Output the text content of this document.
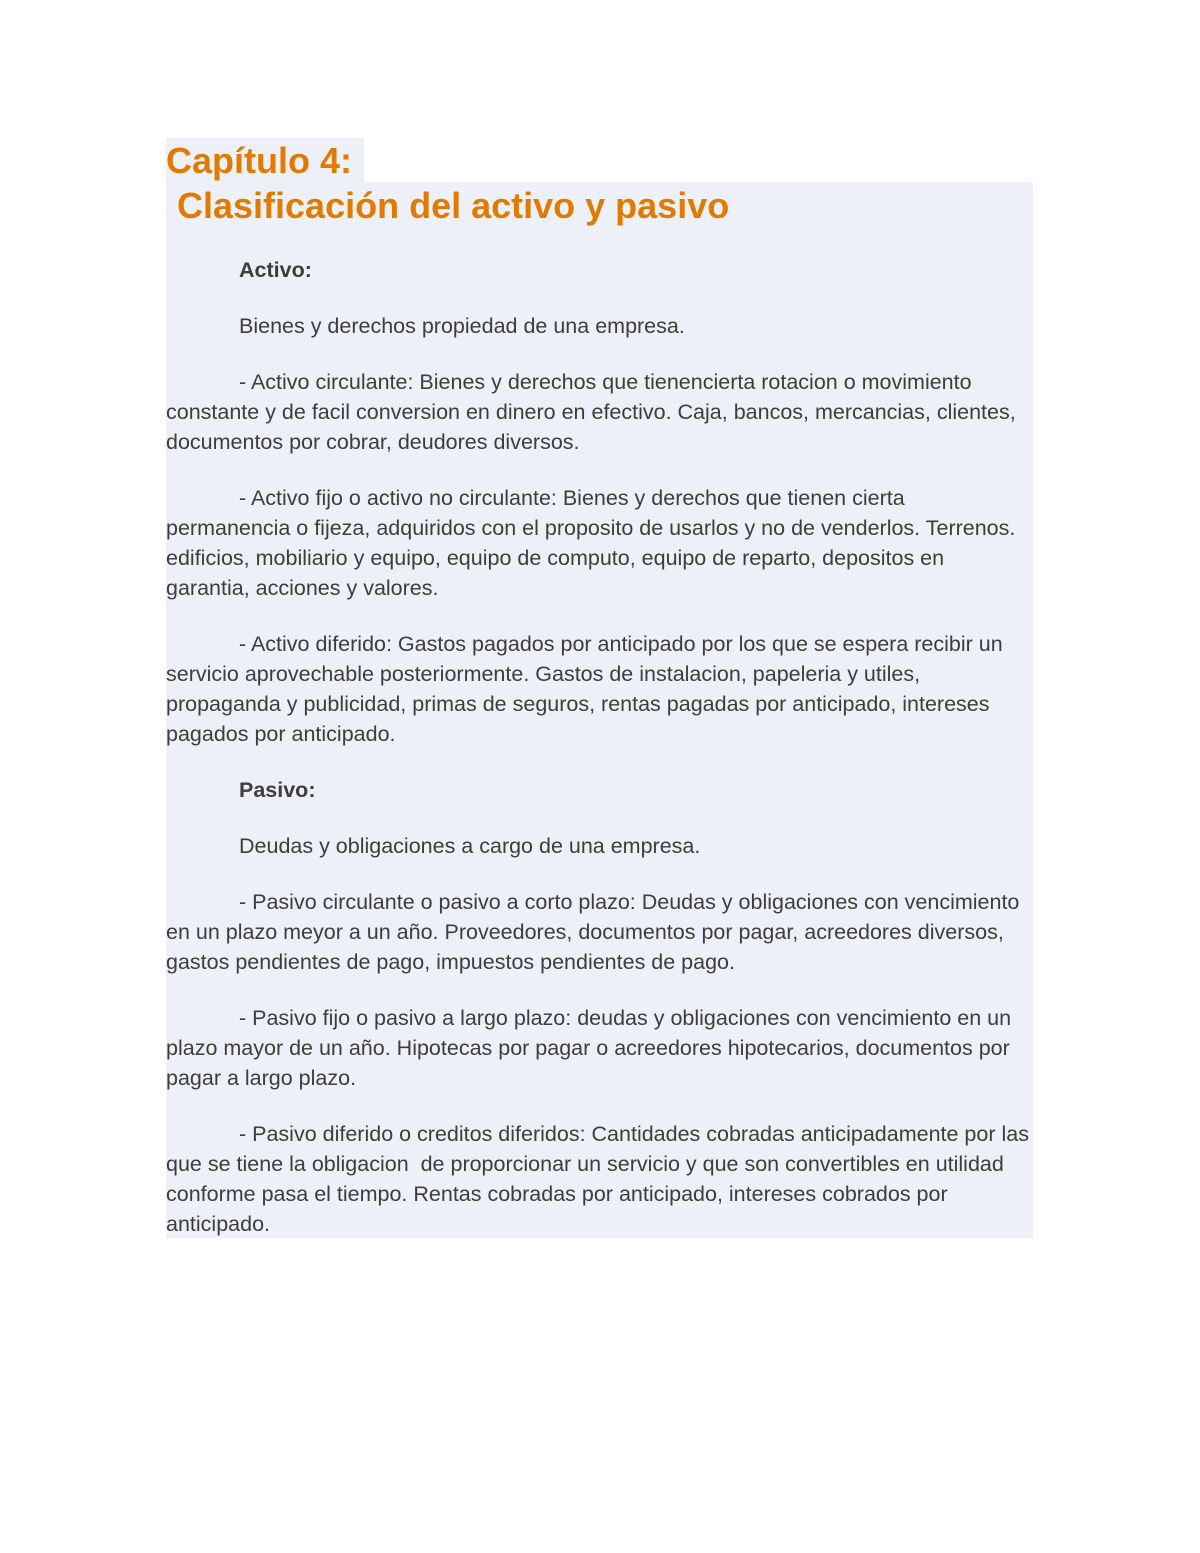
Capítulo 4:
Clasificación del activo y pasivo

Activo:

Bienes y derechos propiedad de una empresa.

- Activo circulante: Bienes y derechos que tienencierta rotacion o movimiento constante y de facil conversion en dinero en efectivo. Caja, bancos, mercancias, clientes, documentos por cobrar, deudores diversos.

- Activo fijo o activo no circulante: Bienes y derechos que tienen cierta permanencia o fijeza, adquiridos con el proposito de usarlos y no de venderlos. Terrenos. edificios, mobiliario y equipo, equipo de computo, equipo de reparto, depositos en garantia, acciones y valores.

- Activo diferido: Gastos pagados por anticipado por los que se espera recibir un servicio aprovechable posteriormente. Gastos de instalacion, papeleria y utiles, propaganda y publicidad, primas de seguros, rentas pagadas por anticipado, intereses pagados por anticipado.

Pasivo:

Deudas y obligaciones a cargo de una empresa.

- Pasivo circulante o pasivo a corto plazo: Deudas y obligaciones con vencimiento en un plazo meyor a un año. Proveedores, documentos por pagar, acreedores diversos, gastos pendientes de pago, impuestos pendientes de pago.

- Pasivo fijo o pasivo a largo plazo: deudas y obligaciones con vencimiento en un plazo mayor de un año. Hipotecas por pagar o acreedores hipotecarios, documentos por pagar a largo plazo.

- Pasivo diferido o creditos diferidos: Cantidades cobradas anticipadamente por las que se tiene la obligacion  de proporcionar un servicio y que son convertibles en utilidad conforme pasa el tiempo. Rentas cobradas por anticipado, intereses cobrados por anticipado.
